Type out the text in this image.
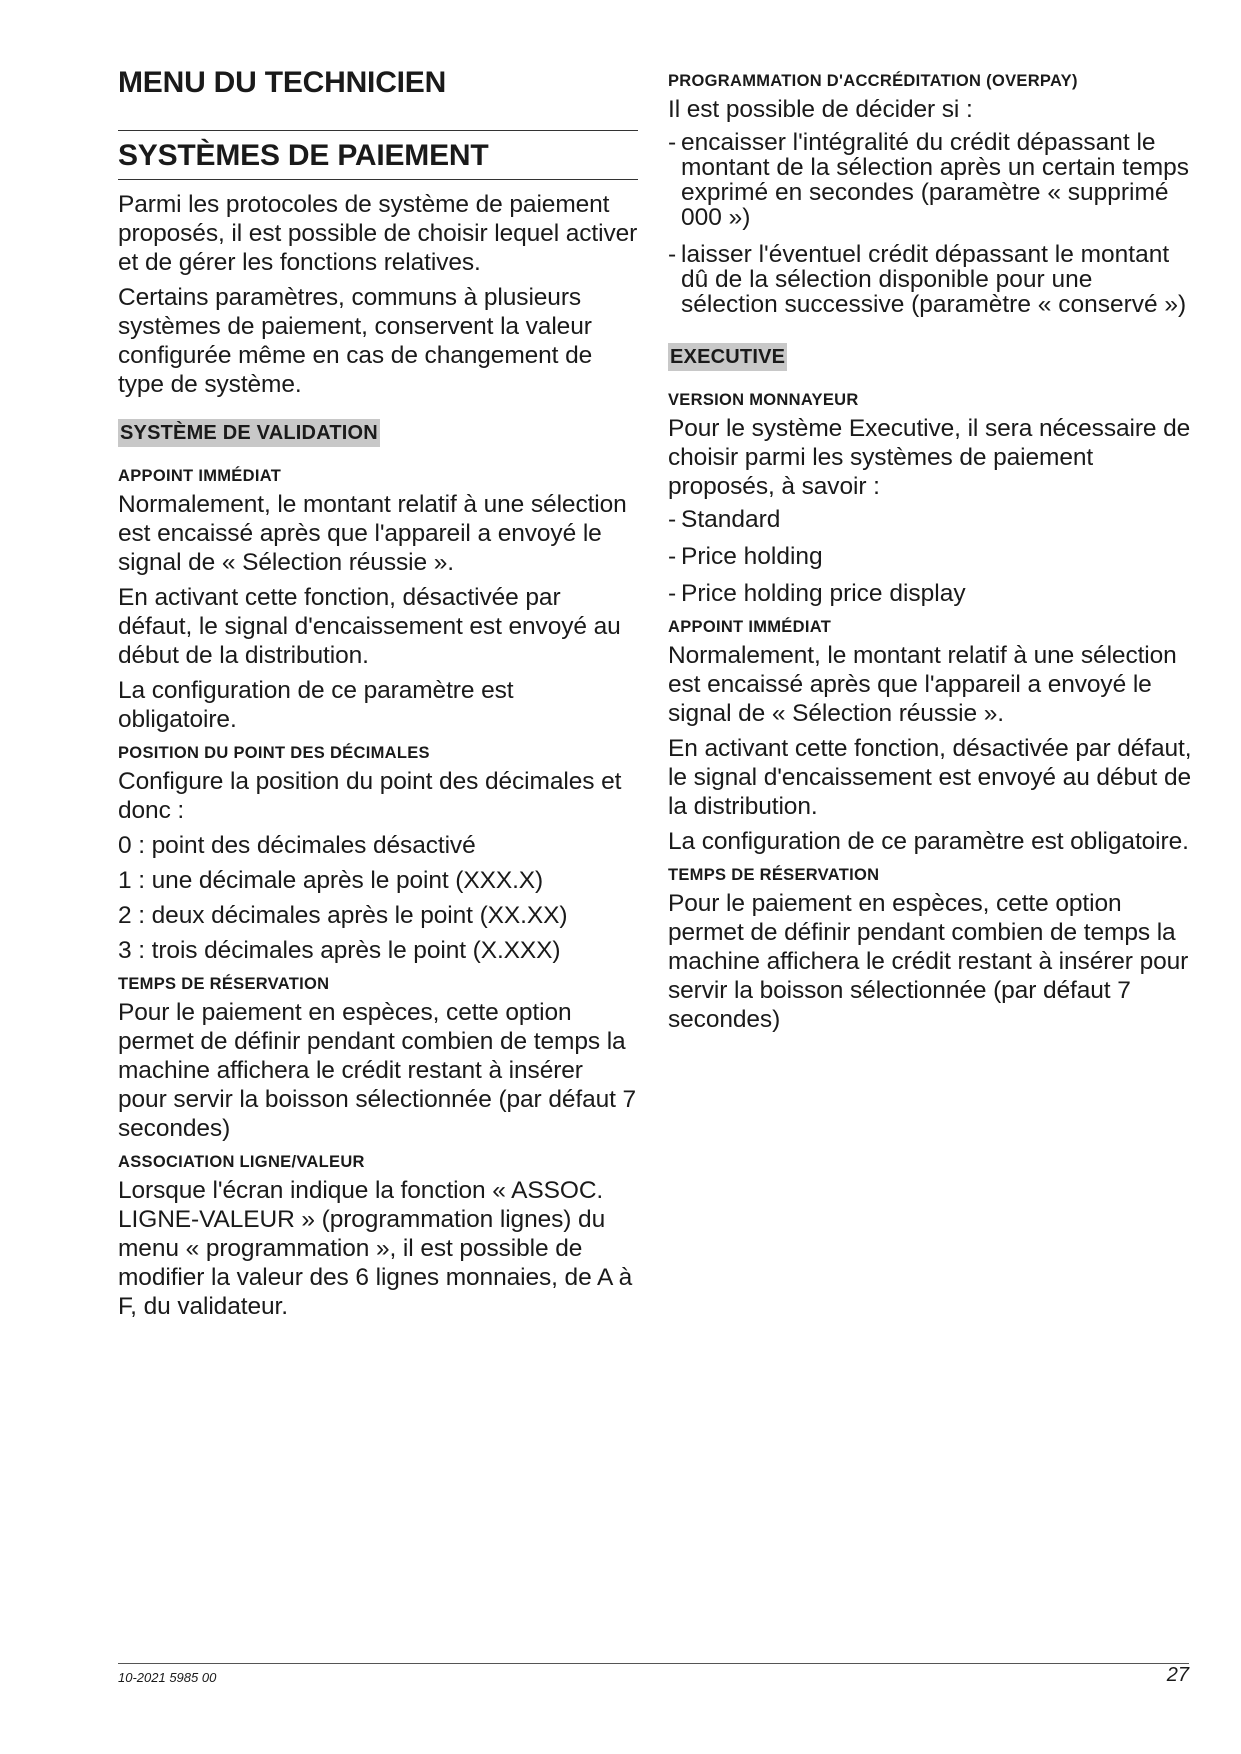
MENU DU TECHNICIEN
SYSTÈMES DE PAIEMENT

Parmi les protocoles de système de paiement proposés, il est possible de choisir lequel activer et de gérer les fonctions relatives.

Certains paramètres, communs à plusieurs systèmes de paiement, conservent la valeur configurée même en cas de changement de type de système.

SYSTÈME DE VALIDATION
APPOINT IMMÉDIAT

Normalement, le montant relatif à une sélection est encaissé après que l'appareil a envoyé le signal de « Sélection réussie ».

En activant cette fonction, désactivée par défaut, le signal d'encaissement est envoyé au début de la distribution.

La configuration de ce paramètre est obligatoire.

POSITION DU POINT DES DÉCIMALES

Configure la position du point des décimales et donc :

0 : point des décimales désactivé

1 : une décimale après le point (XXX.X)

2 : deux décimales après le point (XX.XX)

3 : trois décimales après le point (X.XXX)

TEMPS DE RÉSERVATION

Pour le paiement en espèces, cette option permet de définir pendant combien de temps la machine affichera le crédit restant à insérer pour servir la boisson sélectionnée (par défaut 7 secondes)

ASSOCIATION LIGNE/VALEUR

Lorsque l'écran indique la fonction « ASSOC. LIGNE-VALEUR » (programmation lignes) du menu « programmation », il est possible de modifier la valeur des 6 lignes monnaies, de A à F, du validateur.

PROGRAMMATION D'ACCRÉDITATION (OVERPAY)

Il est possible de décider si :

- encaisser l'intégralité du crédit dépassant le montant de la sélection après un certain temps exprimé en secondes (paramètre « supprimé 000 »)
- laisser l'éventuel crédit dépassant le montant dû de la sélection disponible pour une sélection successive (paramètre « conservé »)
EXECUTIVE
VERSION MONNAYEUR

Pour le système Executive, il sera nécessaire de choisir parmi les systèmes de paiement proposés, à savoir :

- Standard
- Price holding
- Price holding price display
APPOINT IMMÉDIAT

Normalement, le montant relatif à une sélection est encaissé après que l'appareil a envoyé le signal de « Sélection réussie ».

En activant cette fonction, désactivée par défaut, le signal d'encaissement est envoyé au début de la distribution.

La configuration de ce paramètre est obligatoire.

TEMPS DE RÉSERVATION

Pour le paiement en espèces, cette option permet de définir pendant combien de temps la machine affichera le crédit restant à insérer pour servir la boisson sélectionnée (par défaut 7 secondes)

10-2021 5985 00	27
